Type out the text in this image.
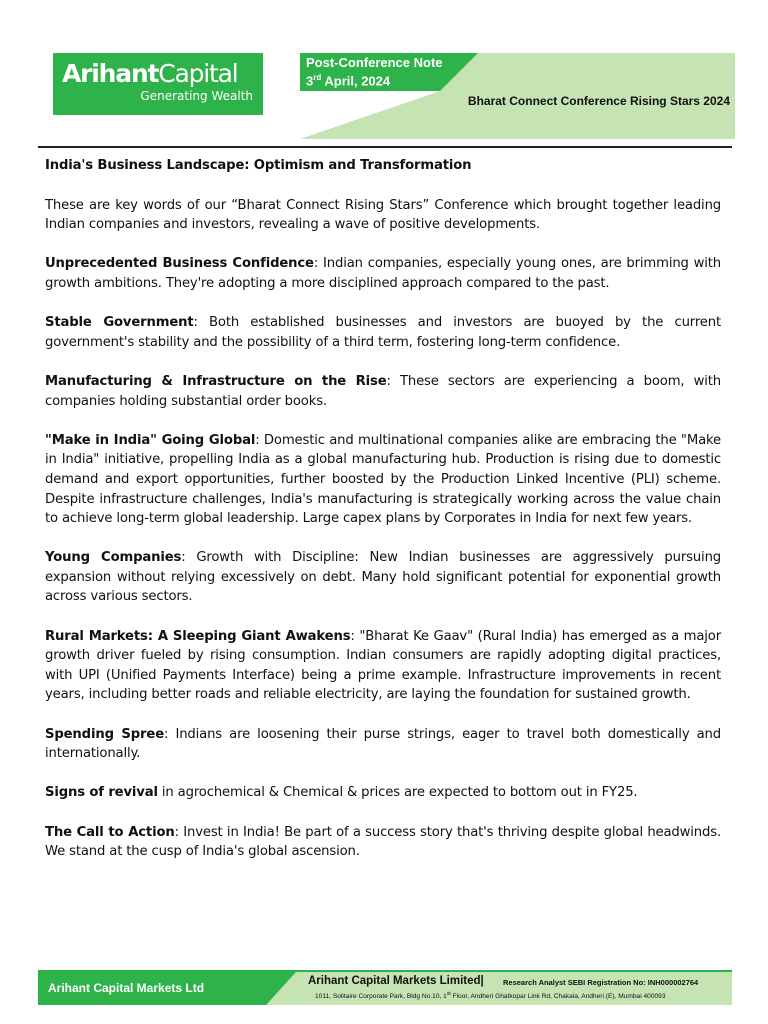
ArihantCapital
Generating Wealth
Post-Conference Note
3rd April, 2024
Bharat Connect Conference Rising Stars 2024
India's Business Landscape: Optimism and Transformation

These are key words of our “Bharat Connect Rising Stars” Conference which brought together leading Indian companies and investors, revealing a wave of positive developments.

Unprecedented Business Confidence: Indian companies, especially young ones, are brimming with growth ambitions. They're adopting a more disciplined approach compared to the past.

Stable Government: Both established businesses and investors are buoyed by the current government's stability and the possibility of a third term, fostering long-term confidence.

Manufacturing & Infrastructure on the Rise: These sectors are experiencing a boom, with companies holding substantial order books.

"Make in India" Going Global: Domestic and multinational companies alike are embracing the "Make in India" initiative, propelling India as a global manufacturing hub. Production is rising due to domestic demand and export opportunities, further boosted by the Production Linked Incentive (PLI) scheme. Despite infrastructure challenges, India's manufacturing is strategically working across the value chain to achieve long-term global leadership. Large capex plans by Corporates in India for next few years.

Young Companies: Growth with Discipline: New Indian businesses are aggressively pursuing expansion without relying excessively on debt. Many hold significant potential for exponential growth across various sectors.

Rural Markets: A Sleeping Giant Awakens: "Bharat Ke Gaav" (Rural India) has emerged as a major growth driver fueled by rising consumption. Indian consumers are rapidly adopting digital practices, with UPI (Unified Payments Interface) being a prime example. Infrastructure improvements in recent years, including better roads and reliable electricity, are laying the foundation for sustained growth.

Spending Spree: Indians are loosening their purse strings, eager to travel both domestically and internationally.

Signs of revival in agrochemical & Chemical & prices are expected to bottom out in FY25.

The Call to Action: Invest in India! Be part of a success story that's thriving despite global headwinds. We stand at the cusp of India's global ascension.

Arihant Capital Markets Ltd	Arihant Capital Markets Limited|	Research Analyst SEBI Registration No: INH000002764
1011, Solitaire Corporate Park, Bldg No.10, 1st Floor, Andheri Ghatkopar Link Rd, Chakala, Andheri (E), Mumbai 400093
